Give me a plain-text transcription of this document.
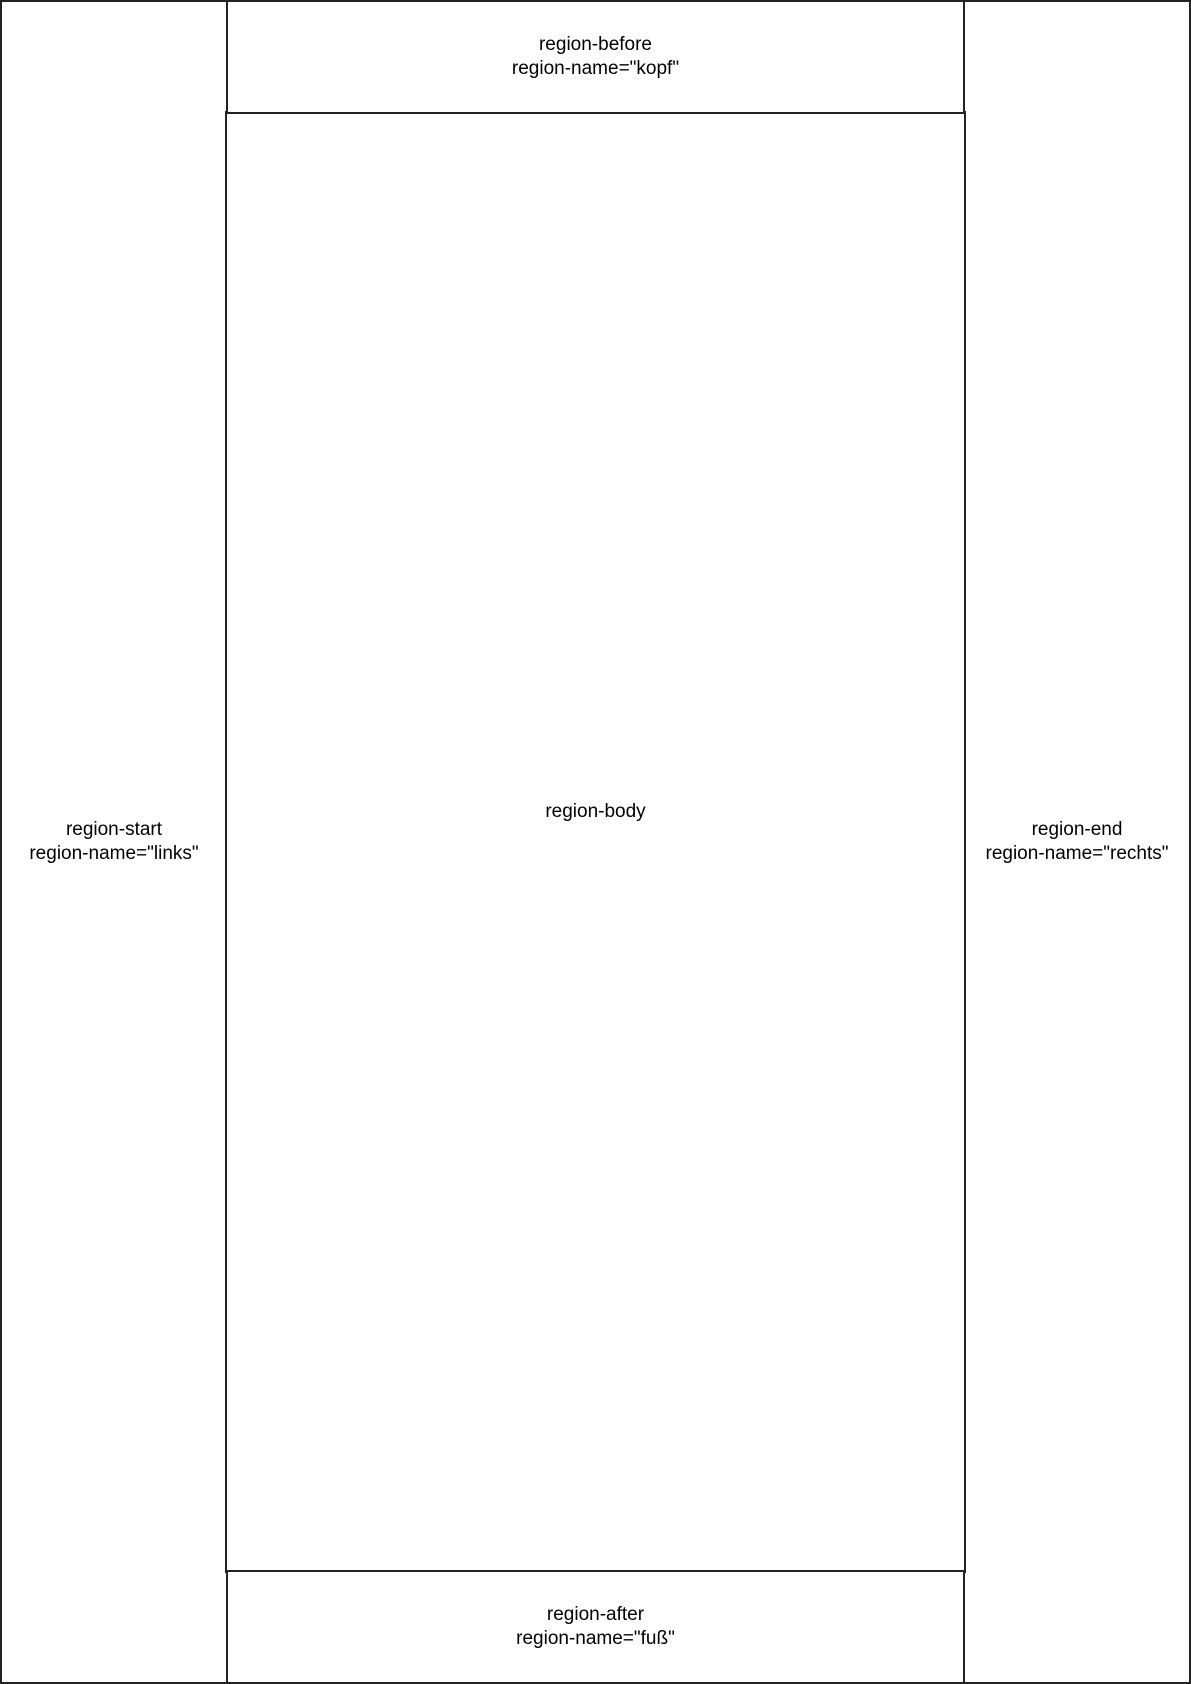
region-start
region-name="links"
region-end
region-name="rechts"
region-body
region-before
region-name="kopf"
region-after
region-name="fuß"
